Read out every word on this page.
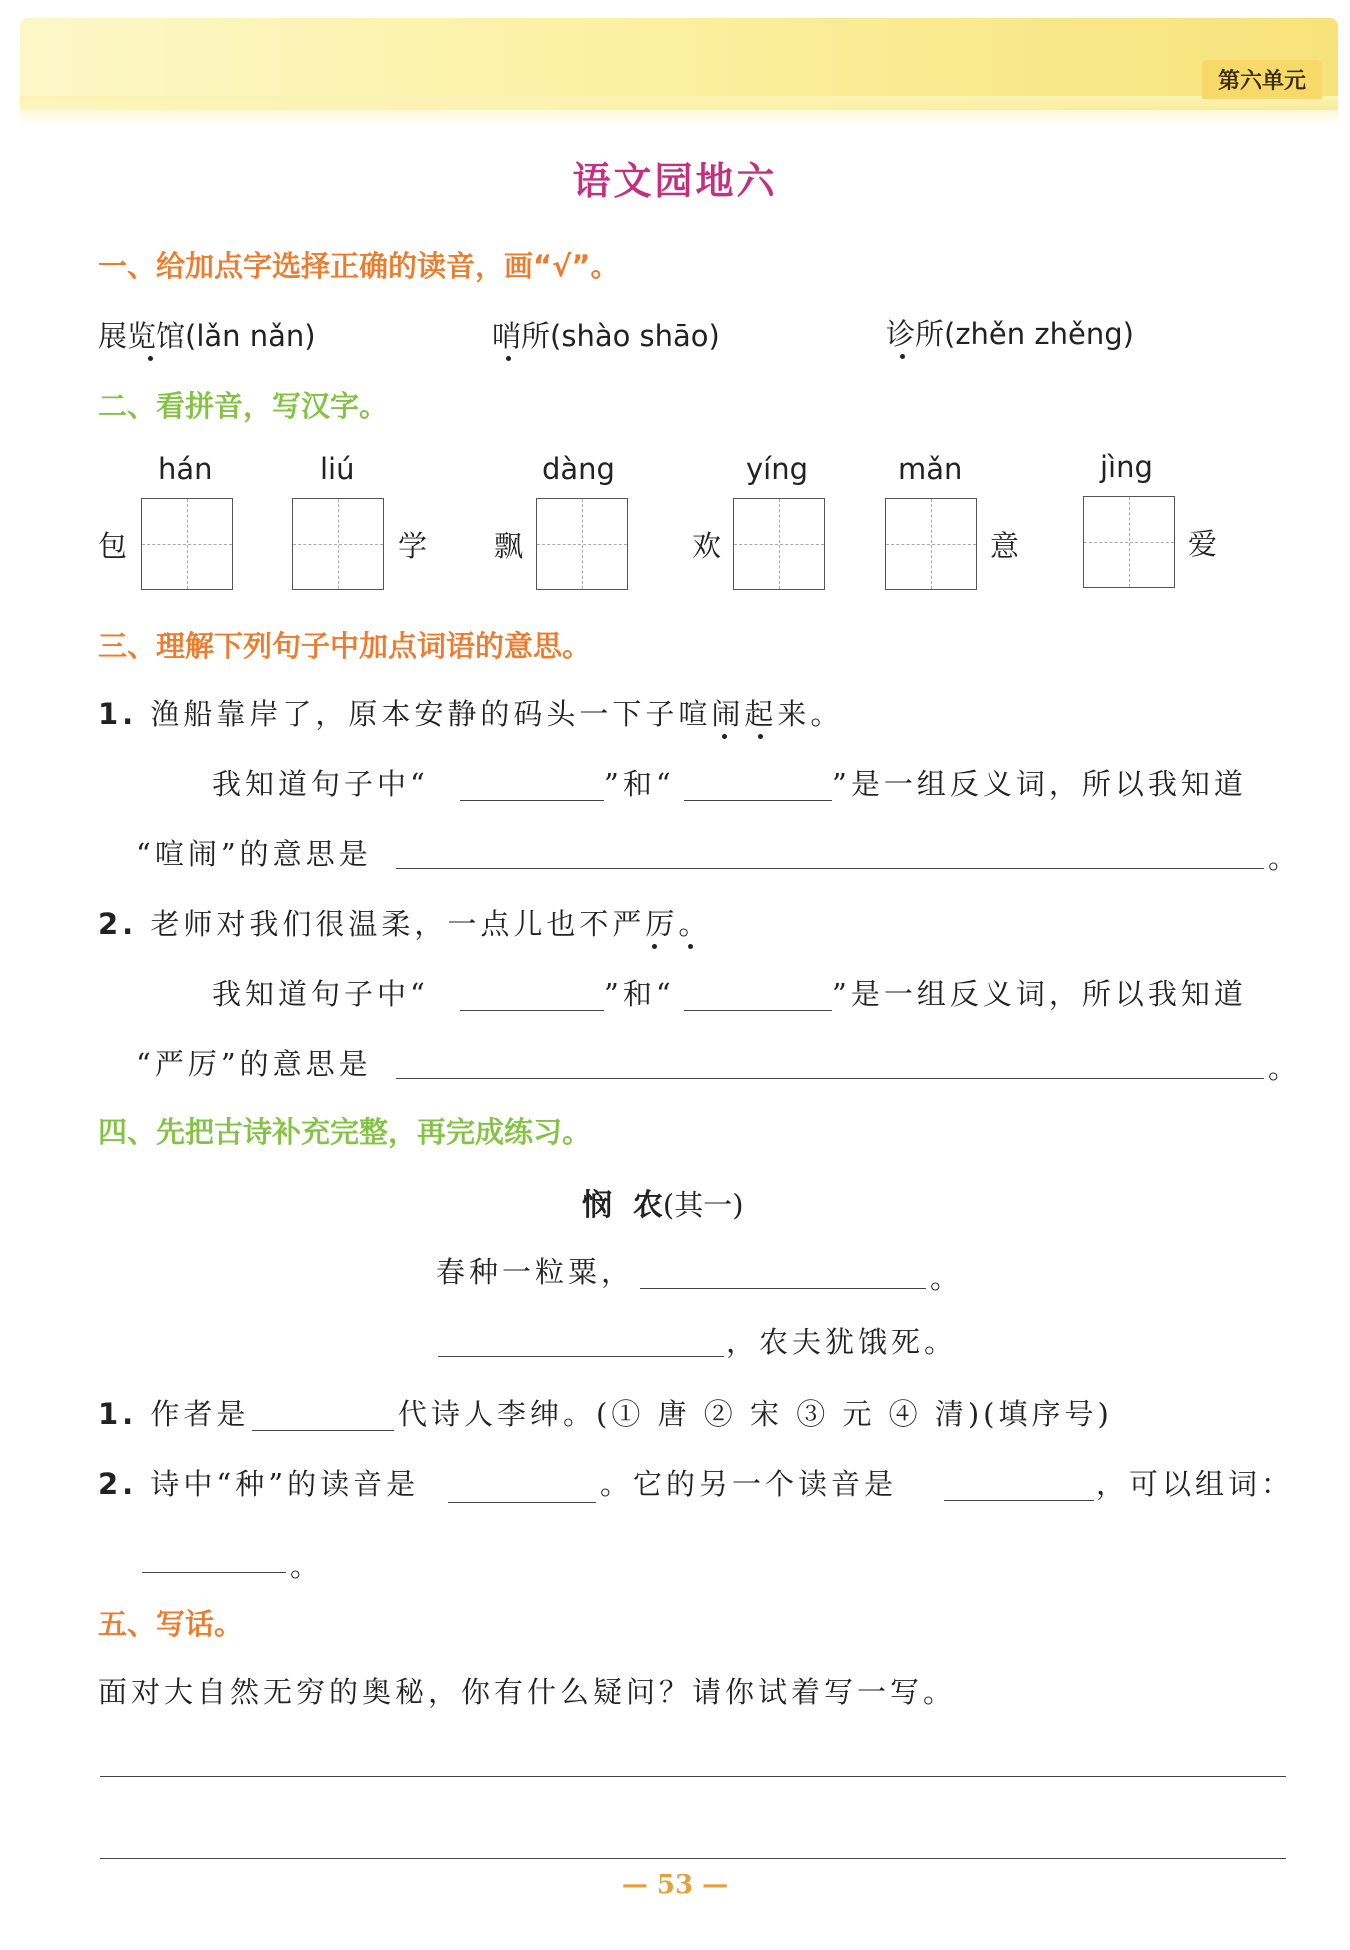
第六单元
语文园地六
一、给加点字选择正确的读音，画“√”。
展览馆(lǎn nǎn)	哨所(shào shāo)	诊所(zhěn zhěng)
二、看拼音，写汉字。
hán	liú	dàng	yíng	mǎn	jìng
包	学 飘	欢	意	爱
三、理解下列句子中加点词语的意思。
1. 渔船靠岸了，原本安静的码头一下子喧闹起来。
我知道句子中“	”和“	”是一组反义词，所以我知道
“喧闹”的意思是	。
2. 老师对我们很温柔，一点儿也不严厉。
我知道句子中“	”和“	”是一组反义词，所以我知道
“严厉”的意思是	。
四、先把古诗补充完整，再完成练习。
悯  农(其一)
春种一粒粟，	。
，农夫犹饿死。
1. 作者是	代诗人李绅。(① 唐 ② 宋 ③ 元 ④ 清)(填序号)
2. 诗中“种”的读音是	。它的另一个读音是	，可以组词：
。
五、写话。
面对大自然无穷的奥秘，你有什么疑问？请你试着写一写。
— 53 —
